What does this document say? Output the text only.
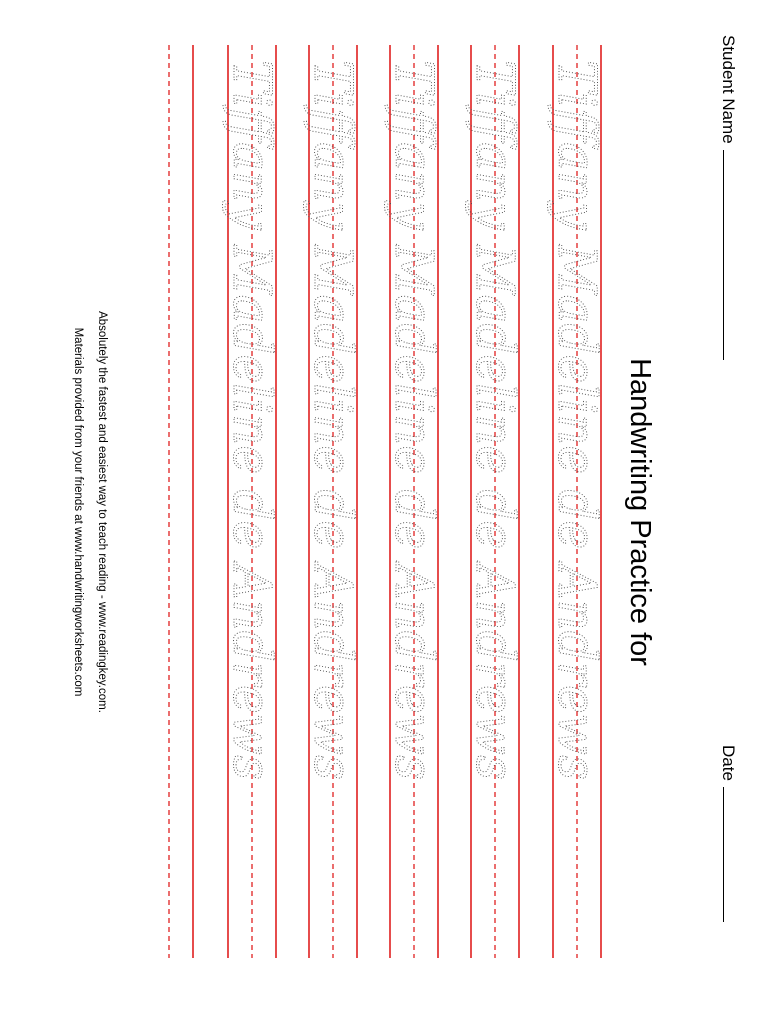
Student Name
Date
Handwriting Practice for
Tiffany Madeline de Andrews
Tiffany Madeline de Andrews
Tiffany Madeline de Andrews
Tiffany Madeline de Andrews
Tiffany Madeline de Andrews
Absolutely the fastest and easiest way to teach reading - www.readingkey.com.
Materials provided from your friends at www.handwritingworksheets.com
